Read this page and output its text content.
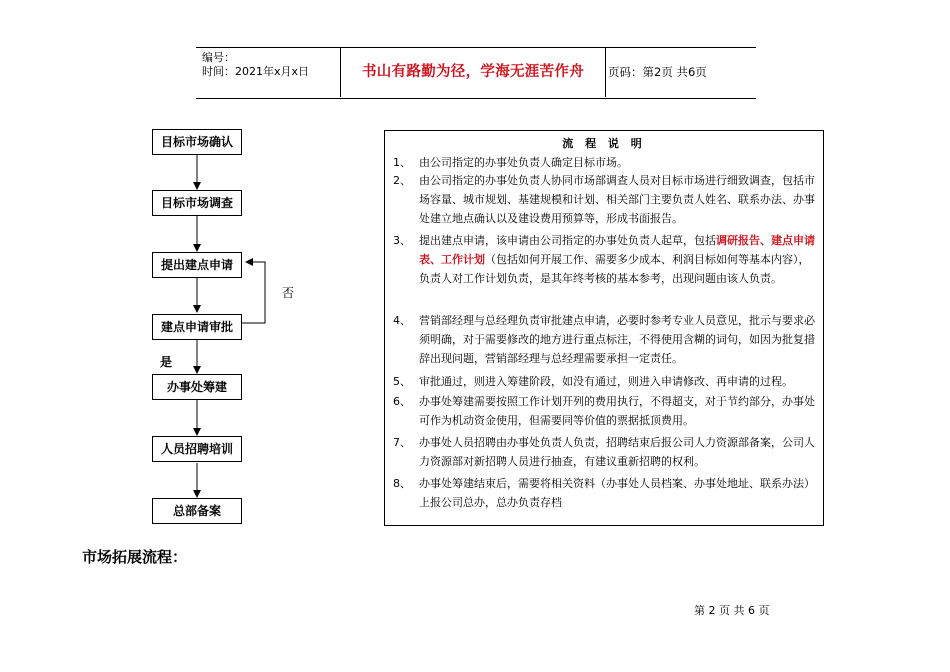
编号：
时间：2021年x月x日	书山有路勤为径，学海无涯苦作舟	页码：第2页 共6页
目标市场确认
目标市场调查
提出建点申请
建点申请审批
办事处筹建
人员招聘培训
总部备案
否
是
流 程 说 明
1、 由公司指定的办事处负责人确定目标市场。
2、 由公司指定的办事处负责人协同市场部调查人员对目标市场进行细致调查，包括市场容量、城市规划、基建规模和计划、相关部门主要负责人姓名、联系办法、办事处建立地点确认以及建设费用预算等，形成书面报告。
3、 提出建点申请，该申请由公司指定的办事处负责人起草，包括调研报告、建点申请表、工作计划（包括如何开展工作、需要多少成本、利润目标如何等基本内容），负责人对工作计划负责，是其年终考核的基本参考，出现问题由该人负责。
4、 营销部经理与总经理负责审批建点申请，必要时参考专业人员意见，批示与要求必须明确，对于需要修改的地方进行重点标注，不得使用含糊的词句，如因为批复措辞出现问题，营销部经理与总经理需要承担一定责任。
5、 审批通过，则进入筹建阶段，如没有通过，则进入申请修改、再申请的过程。
6、 办事处筹建需要按照工作计划开列的费用执行，不得超支，对于节约部分，办事处可作为机动资金使用，但需要同等价值的票据抵顶费用。
7、 办事处人员招聘由办事处负责人负责，招聘结束后报公司人力资源部备案，公司人力资源部对新招聘人员进行抽查，有建议重新招聘的权利。
8、 办事处筹建结束后，需要将相关资料（办事处人员档案、办事处地址、联系办法）上报公司总办，总办负责存档
市场拓展流程：
第 2 页 共 6 页
